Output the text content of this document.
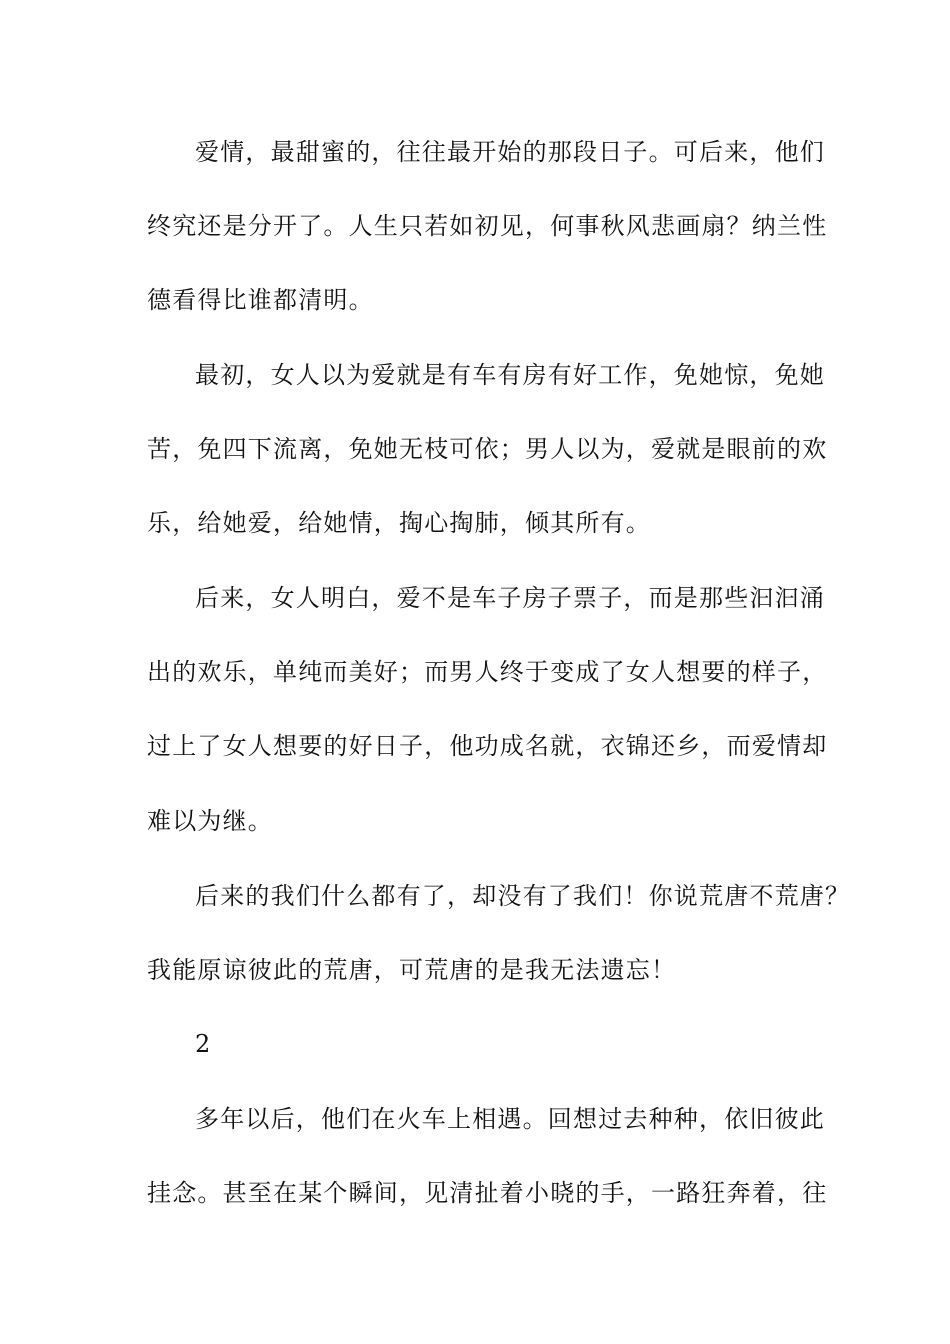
爱情，最甜蜜的，往往最开始的那段日子。可后来，他们
终究还是分开了。人生只若如初见，何事秋风悲画扇？纳兰性
德看得比谁都清明。
最初，女人以为爱就是有车有房有好工作，免她惊，免她
苦，免四下流离，免她无枝可依；男人以为，爱就是眼前的欢
乐，给她爱，给她情，掏心掏肺，倾其所有。
后来，女人明白，爱不是车子房子票子，而是那些汩汩涌
出的欢乐，单纯而美好；而男人终于变成了女人想要的样子，
过上了女人想要的好日子，他功成名就，衣锦还乡，而爱情却
难以为继。
后来的我们什么都有了，却没有了我们！你说荒唐不荒唐？
我能原谅彼此的荒唐，可荒唐的是我无法遗忘！
2
多年以后，他们在火车上相遇。回想过去种种，依旧彼此
挂念。甚至在某个瞬间，见清扯着小晓的手，一路狂奔着，往
